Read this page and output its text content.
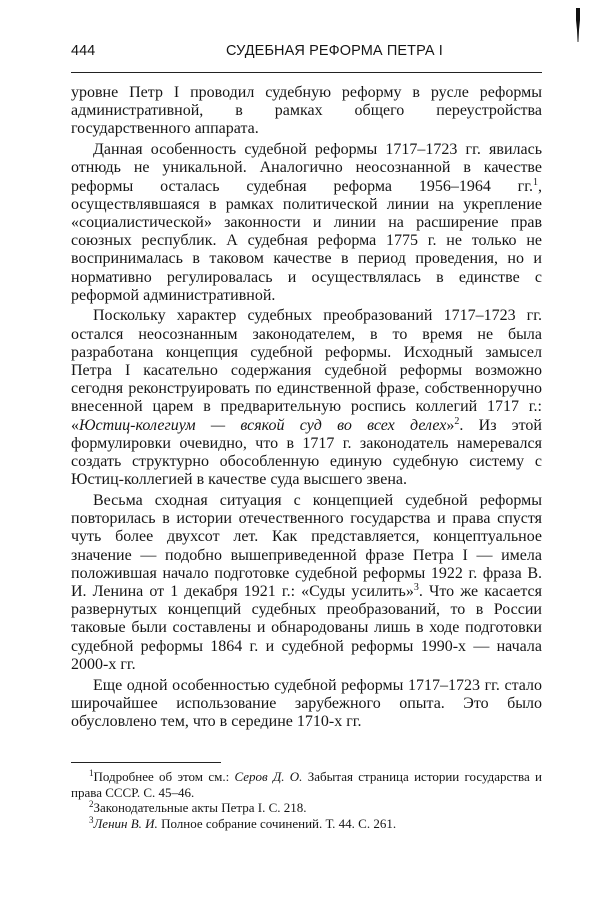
444	СУДЕБНАЯ РЕФОРМА ПЕТРА I

уровне Петр I проводил судебную реформу в русле реформы административной, в рамках общего переустройства государственного аппарата.

Данная особенность судебной реформы 1717–1723 гг. явилась отнюдь не уникальной. Аналогично неосознанной в качестве реформы осталась судебная реформа 1956–1964 гг.$^1$, осуществлявшаяся в рамках политической линии на укрепление «социалистической» законности и линии на расширение прав союзных республик. А судебная реформа 1775 г. не только не воспринималась в таковом качестве в период проведения, но и нормативно регулировалась и осуществлялась в единстве с реформой административной.

Поскольку характер судебных преобразований 1717–1723 гг. остался неосознанным законодателем, в то время не была разработана концепция судебной реформы. Исходный замысел Петра I касательно содержания судебной реформы возможно сегодня реконструировать по единственной фразе, собственноручно внесенной царем в предварительную роспись коллегий 1717 г.: «Юстиц-колегиум — всякой суд во всех делех»$^2$. Из этой формулировки очевидно, что в 1717 г. законодатель намеревался создать структурно обособленную единую судебную систему с Юстиц-коллегией в качестве суда высшего звена.

Весьма сходная ситуация с концепцией судебной реформы повторилась в истории отечественного государства и права спустя чуть более двухсот лет. Как представляется, концептуальное значение — подобно вышеприведенной фразе Петра I — имела положившая начало подготовке судебной реформы 1922 г. фраза В. И. Ленина от 1 декабря 1921 г.: «Суды усилить»$^3$. Что же касается развернутых концепций судебных преобразований, то в России таковые были составлены и обнародованы лишь в ходе подготовки судебной реформы 1864 г. и судебной реформы 1990-х — начала 2000-х гг.

Еще одной особенностью судебной реформы 1717–1723 гг. стало широчайшее использование зарубежного опыта. Это было обусловлено тем, что в середине 1710-х гг.

$^1$Подробнее об этом см.: Серов Д. О. Забытая страница истории государства и права СССР. С. 45–46.

$^2$Законодательные акты Петра I. С. 218.

$^3$Ленин В. И. Полное собрание сочинений. Т. 44. С. 261.
